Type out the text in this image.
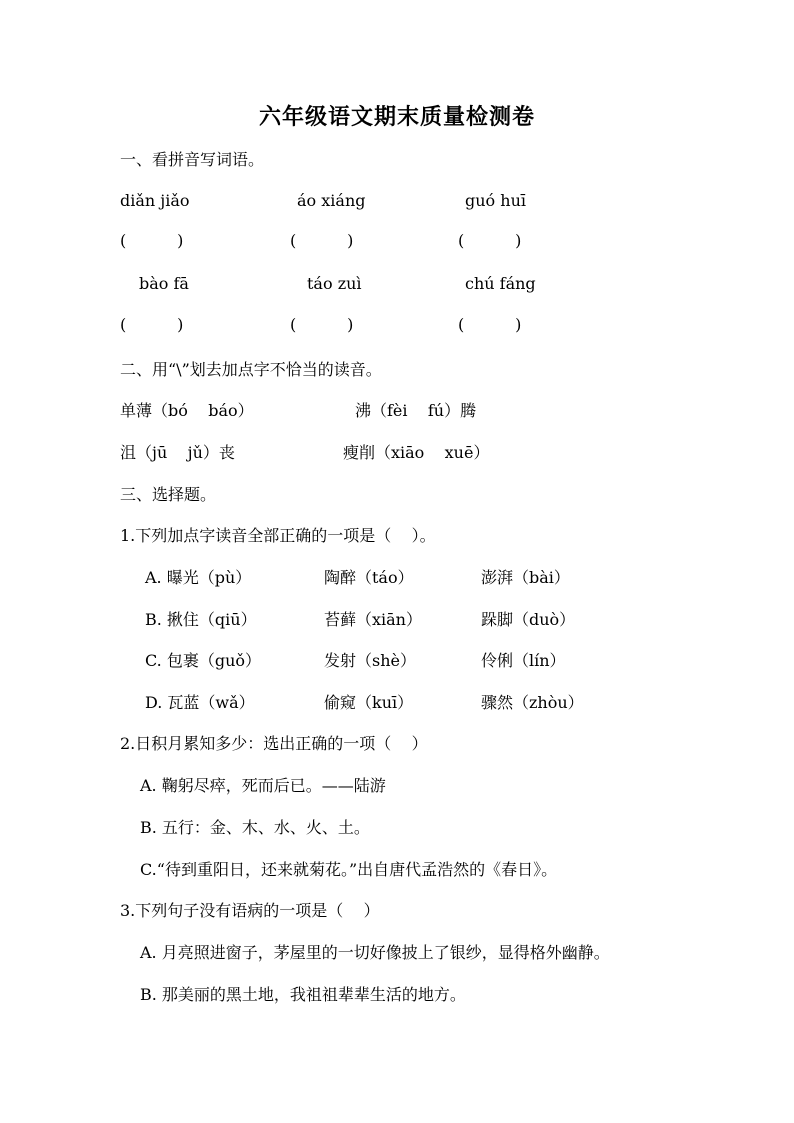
六年级语文期末质量检测卷
一、看拼音写词语。
diǎn jiǎo	áo xiáng	guó huī
(          )	(          )	(          )
bào fā	táo zuì	chú fáng
(          )	(          )	(          )
二、用“\”划去加点字不恰当的读音。
单薄（bó    báo）	沸（fèi    fú）腾
沮（jū    jǔ）丧	瘦削（xiāo    xuē）
三、选择题。
1.下列加点字读音全部正确的一项是（    ）。
A. 曝光（pù）	陶醉（táo）	澎湃（bài）
B. 揪住（qiū）	苔藓（xiān）	跺脚（duò）
C. 包裹（guǒ）	发射（shè）	伶俐（lín）
D. 瓦蓝（wǎ）	偷窥（kuī）	骤然（zhòu）
2.日积月累知多少：选出正确的一项（    ）
A. 鞠躬尽瘁，死而后已。——陆游
B. 五行：金、木、水、火、土。
C.“待到重阳日，还来就菊花。”出自唐代孟浩然的《春日》。
3.下列句子没有语病的一项是（    ）
A. 月亮照进窗子，茅屋里的一切好像披上了银纱，显得格外幽静。
B. 那美丽的黑土地，我祖祖辈辈生活的地方。
